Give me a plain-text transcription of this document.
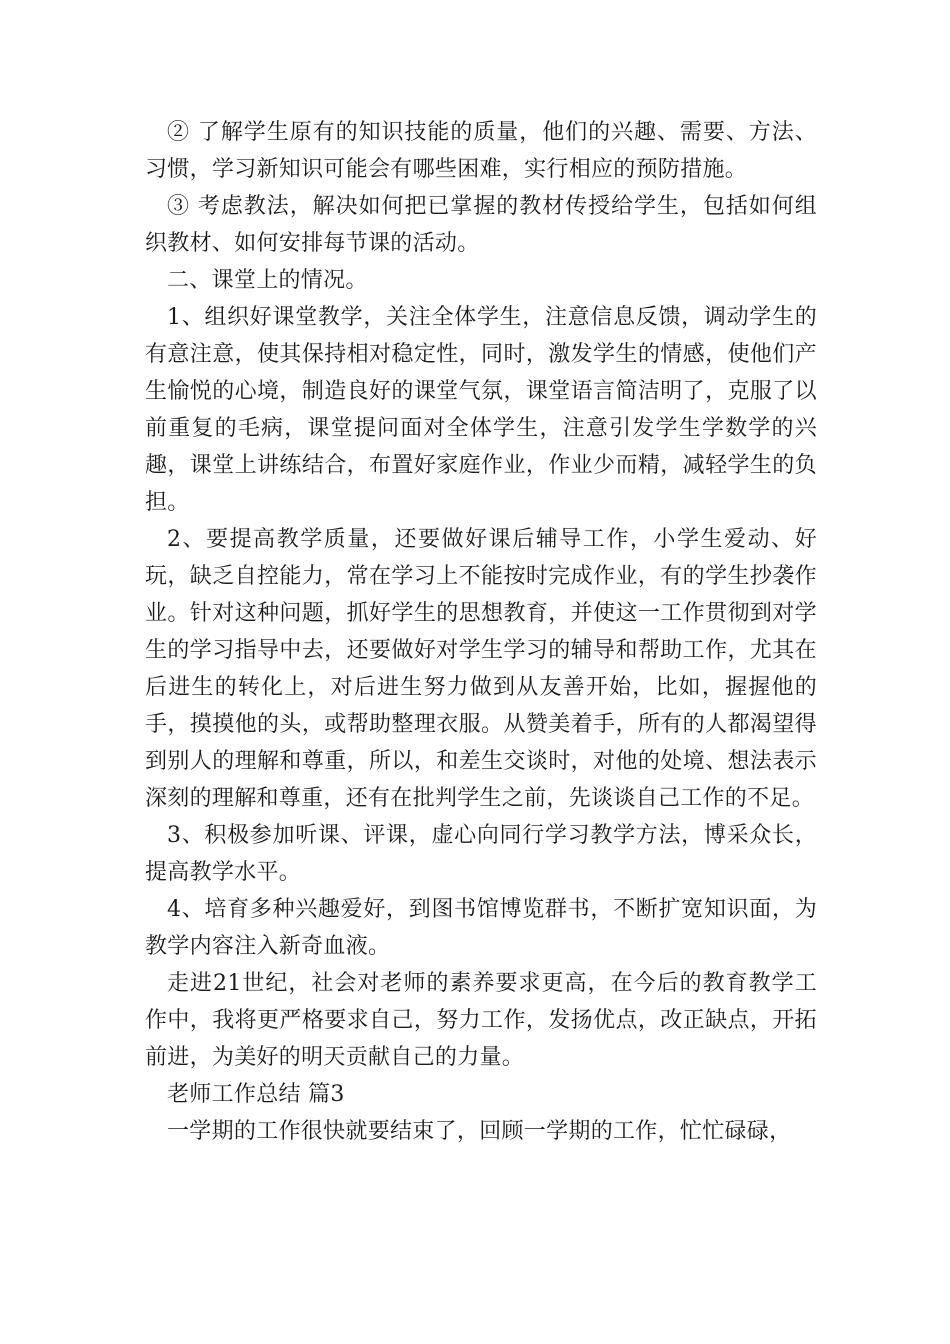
② 了解学生原有的知识技能的质量，他们的兴趣、需要、方法、习惯，学习新知识可能会有哪些困难，实行相应的预防措施。

③ 考虑教法，解决如何把已掌握的教材传授给学生，包括如何组织教材、如何安排每节课的活动。

二、课堂上的情况。

1、组织好课堂教学，关注全体学生，注意信息反馈，调动学生的有意注意，使其保持相对稳定性，同时，激发学生的情感，使他们产生愉悦的心境，制造良好的课堂气氛，课堂语言简洁明了，克服了以前重复的毛病，课堂提问面对全体学生，注意引发学生学数学的兴趣，课堂上讲练结合，布置好家庭作业，作业少而精，减轻学生的负担。

2、要提高教学质量，还要做好课后辅导工作，小学生爱动、好玩，缺乏自控能力，常在学习上不能按时完成作业，有的学生抄袭作业。针对这种问题，抓好学生的思想教育，并使这一工作贯彻到对学生的学习指导中去，还要做好对学生学习的辅导和帮助工作，尤其在后进生的转化上，对后进生努力做到从友善开始，比如，握握他的手，摸摸他的头，或帮助整理衣服。从赞美着手，所有的人都渴望得到别人的理解和尊重，所以，和差生交谈时，对他的处境、想法表示深刻的理解和尊重，还有在批判学生之前，先谈谈自己工作的不足。

3、积极参加听课、评课，虚心向同行学习教学方法，博采众长，提高教学水平。

4、培育多种兴趣爱好，到图书馆博览群书，不断扩宽知识面，为教学内容注入新奇血液。

走进21世纪，社会对老师的素养要求更高，在今后的教育教学工作中，我将更严格要求自己，努力工作，发扬优点，改正缺点，开拓前进，为美好的明天贡献自己的力量。

老师工作总结 篇3

一学期的工作很快就要结束了，回顾一学期的工作，忙忙碌碌，
